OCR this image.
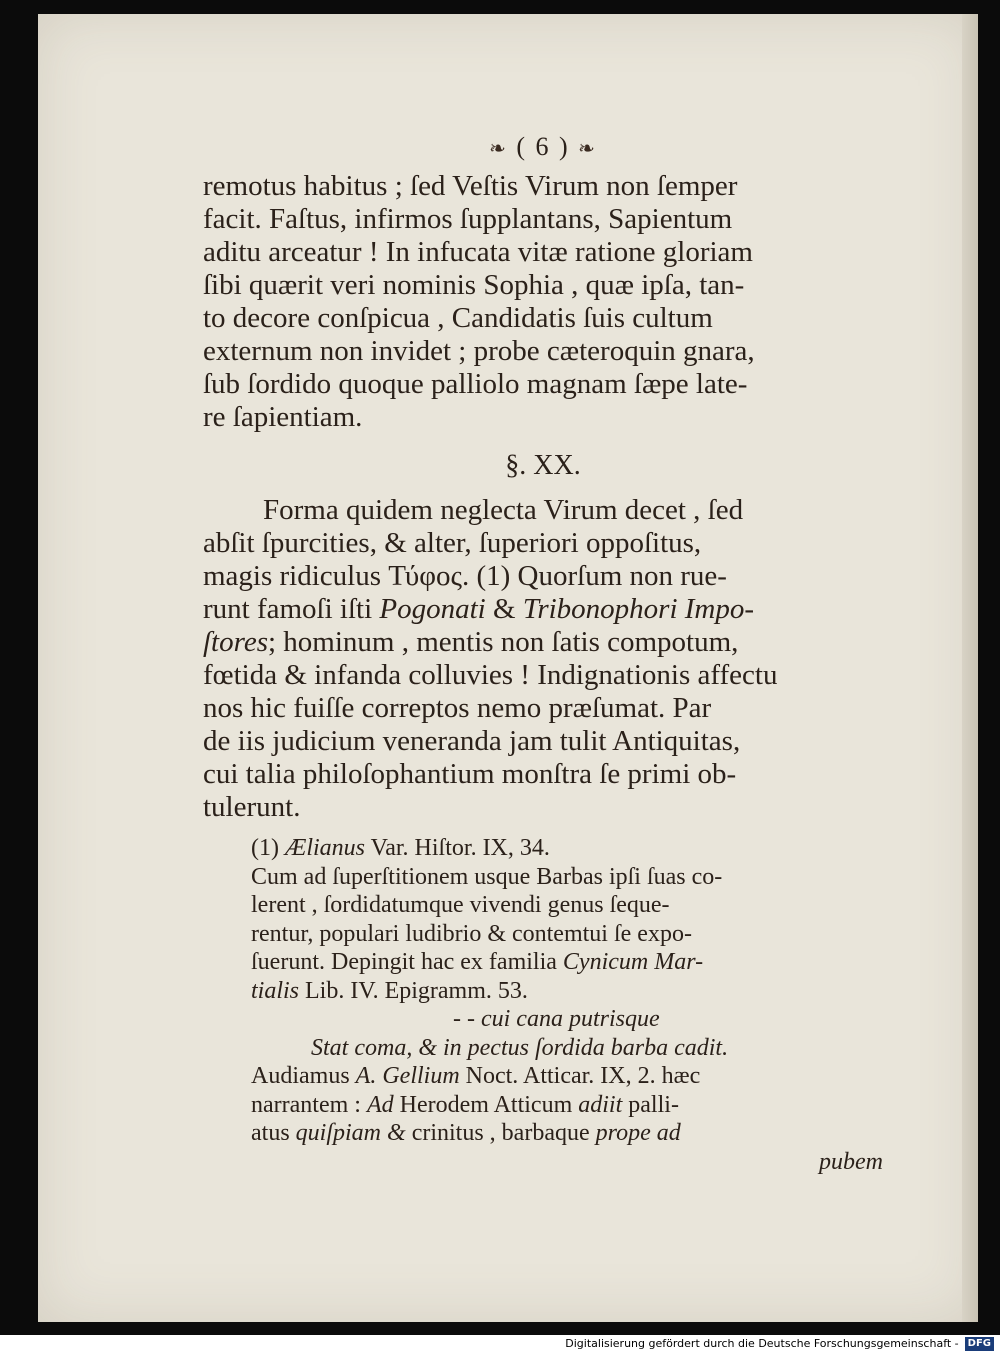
❧ ( 6 ) ❧
remotus habitus ; ſed Veſtis Virum non ſemper
facit. Faſtus, infirmos ſupplantans, Sapientum
aditu arceatur ! In infucata vitæ ratione gloriam
ſibi quærit veri nominis Sophia , quæ ipſa, tan-
to decore conſpicua , Candidatis ſuis cultum
externum non invidet ; probe cæteroquin gnara,
ſub ſordido quoque palliolo magnam ſæpe late-
re ſapientiam.
§. XX.
Forma quidem neglecta Virum decet , ſed
abſit ſpurcities, & alter, ſuperiori oppoſitus,
magis ridiculus Τύφος. (1) Quorſum non rue-
runt famoſi iſti Pogonati & Tribonophori Impo-
ſtores; hominum , mentis non ſatis compotum,
fœtida & infanda colluvies ! Indignationis affectu
nos hic fuiſſe correptos nemo præſumat. Par
de iis judicium veneranda jam tulit Antiquitas,
cui talia philoſophantium monſtra ſe primi ob-
tulerunt.
(1) Ælianus Var. Hiſtor. IX, 34.
Cum ad ſuperſtitionem usque Barbas ipſi ſuas co-
lerent , ſordidatumque vivendi genus ſeque-
rentur, populari ludibrio & contemtui ſe expo-
ſuerunt. Depingit hac ex familia Cynicum Mar-
tialis Lib. IV. Epigramm. 53.
- - cui cana putrisque
Stat coma, & in pectus ſordida barba cadit.
Audiamus A. Gellium Noct. Atticar. IX, 2. hæc
narrantem : Ad Herodem Atticum adiit palli-
atus quiſpiam & crinitus , barbaque prope ad
pubem
Digitalisierung gefördert durch die Deutsche Forschungsgemeinschaft - DFG
